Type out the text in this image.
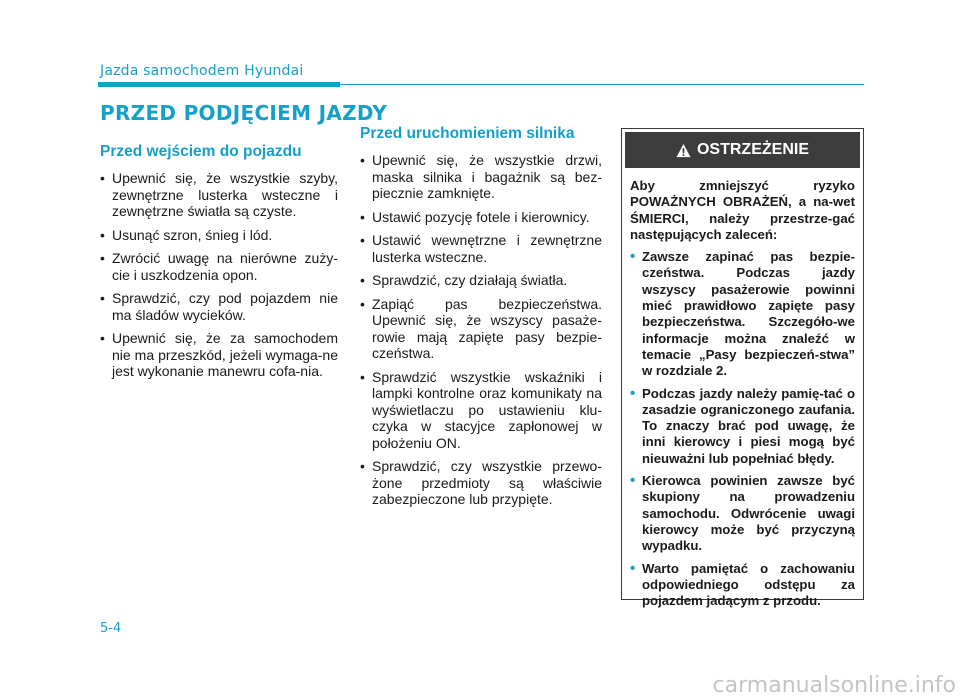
Jazda samochodem Hyundai
PRZED PODJĘCIEM JAZDY
Przed wejściem do pojazdu
• Upewnić się, że wszystkie szyby, zewnętrzne lusterka wsteczne i zewnętrzne światła są czyste.
• Usunąć szron, śnieg i lód.
• Zwrócić uwagę na nierówne zuży-cie i uszkodzenia opon.
• Sprawdzić, czy pod pojazdem nie ma śladów wycieków.
• Upewnić się, że za samochodem nie ma przeszkód, jeżeli wymaga-ne jest wykonanie manewru cofa-nia.
Przed uruchomieniem silnika
• Upewnić się, że wszystkie drzwi, maska silnika i bagażnik są bez-piecznie zamknięte.
• Ustawić pozycję fotele i kierownicy.
• Ustawić wewnętrzne i zewnętrzne lusterka wsteczne.
• Sprawdzić, czy działają światła.
• Zapiąć pas bezpieczeństwa. Upewnić się, że wszyscy pasaże-rowie mają zapięte pasy bezpie-czeństwa.
• Sprawdzić wszystkie wskaźniki i lampki kontrolne oraz komunikaty na wyświetlaczu po ustawieniu klu-czyka w stacyjce zapłonowej w położeniu ON.
• Sprawdzić, czy wszystkie przewo-żone przedmioty są właściwie zabezpieczone lub przypięte.
OSTRZEŻENIE

Aby zmniejszyć ryzyko POWAŻNYCH OBRAŻEŃ, a na-wet ŚMIERCI, należy przestrze-gać następujących zaleceń:

• Zawsze zapinać pas bezpie-czeństwa. Podczas jazdy wszyscy pasażerowie powinni mieć prawidłowo zapięte pasy bezpieczeństwa. Szczegóło-we informacje można znaleźć w temacie „Pasy bezpieczeń-stwa” w rozdziale 2.
• Podczas jazdy należy pamię-tać o zasadzie ograniczonego zaufania. To znaczy brać pod uwagę, że inni kierowcy i piesi mogą być nieuważni lub popełniać błędy.
• Kierowca powinien zawsze być skupiony na prowadzeniu samochodu. Odwrócenie uwagi kierowcy może być przyczyną wypadku.
• Warto pamiętać o zachowaniu odpowiedniego odstępu za pojazdem jadącym z przodu.
5-4
carmanualsonline.info
